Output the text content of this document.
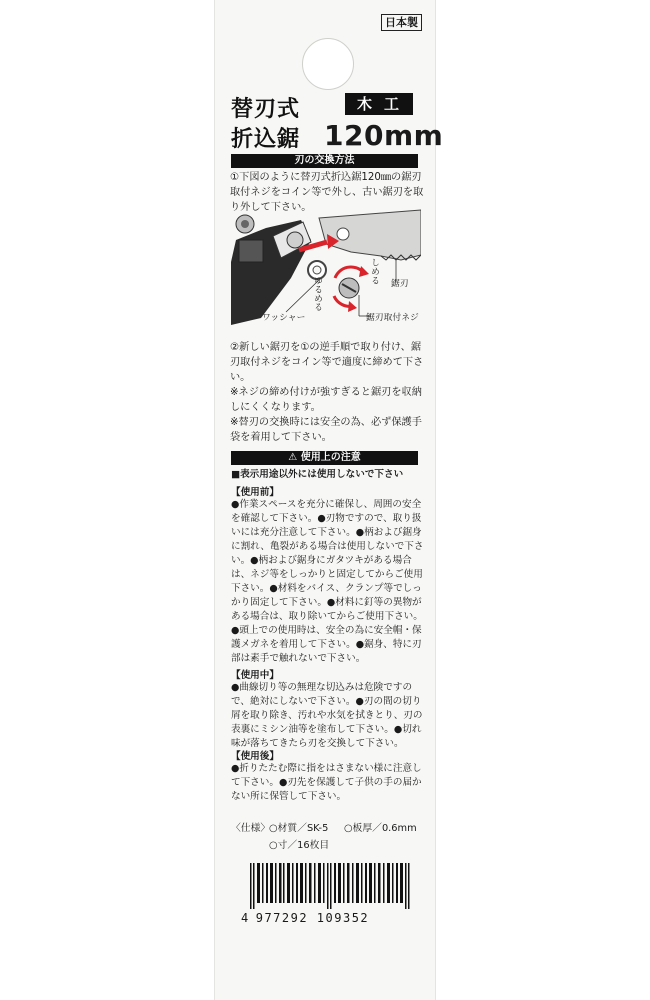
日本製
替刃式
折込鋸
木工
120mm
刃の交換方法
①下図のように替刃式折込鋸120㎜の鋸刃取付ネジをコイン等で外し、古い鋸刃を取り外して下さい。
しめる
ゆるめる	鋸刃
ワッシャー	鋸刃取付ネジ
②新しい鋸刃を①の逆手順で取り付け、鋸刃取付ネジをコイン等で適度に締めて下さい。
※ネジの締め付けが強すぎると鋸刃を収納しにくくなります。
※替刃の交換時には安全の為、必ず保護手袋を着用して下さい。
⚠ 使用上の注意
■表示用途以外には使用しないで下さい
【使用前】
●作業スペースを充分に確保し、周囲の安全を確認して下さい。●刃物ですので、取り扱いには充分注意して下さい。●柄および鋸身に割れ、亀裂がある場合は使用しないで下さい。●柄および鋸身にガタツキがある場合は、ネジ等をしっかりと固定してからご使用下さい。●材料をバイス、クランプ等でしっかり固定して下さい。●材料に釘等の異物がある場合は、取り除いてからご使用下さい。●頭上での使用時は、安全の為に安全帽・保護メガネを着用して下さい。●鋸身、特に刃部は素手で触れないで下さい。
【使用中】
●曲線切り等の無理な切込みは危険ですので、絶対にしないで下さい。●刃の間の切り屑を取り除き、汚れや水気を拭きとり、刃の表裏にミシン油等を塗布して下さい。●切れ味が落ちてきたら刃を交換して下さい。
【使用後】
●折りたたむ際に指をはさまない様に注意して下さい。●刃先を保護して子供の手の届かない所に保管して下さい。
〈仕様〉
○材質／SK-5 ○板厚／0.6mm
○寸／16枚目
4 977292 109352
